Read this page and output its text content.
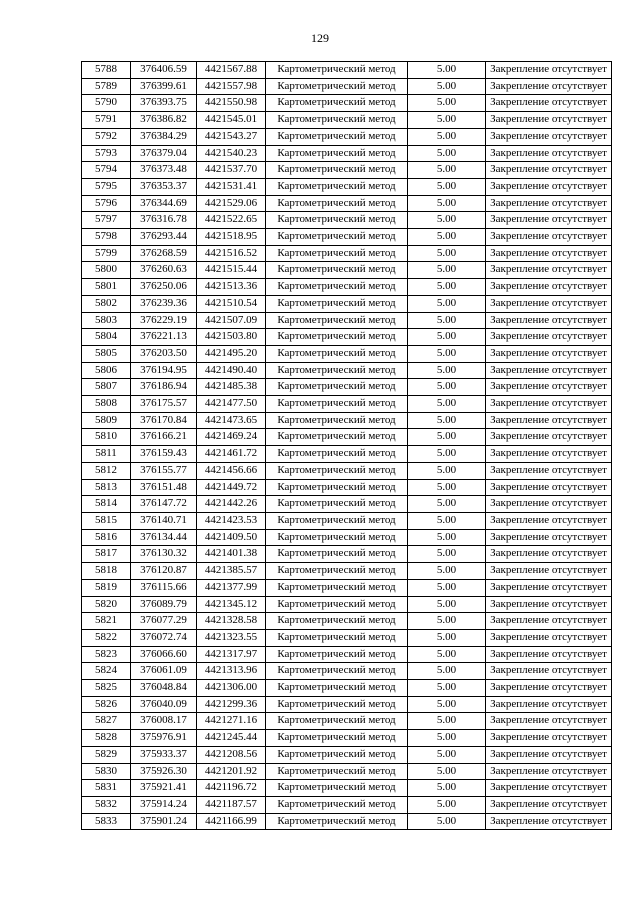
129
5788	376406.59	4421567.88	Картометрический метод	5.00	Закрепление отсутствует
5789	376399.61	4421557.98	Картометрический метод	5.00	Закрепление отсутствует
5790	376393.75	4421550.98	Картометрический метод	5.00	Закрепление отсутствует
5791	376386.82	4421545.01	Картометрический метод	5.00	Закрепление отсутствует
5792	376384.29	4421543.27	Картометрический метод	5.00	Закрепление отсутствует
5793	376379.04	4421540.23	Картометрический метод	5.00	Закрепление отсутствует
5794	376373.48	4421537.70	Картометрический метод	5.00	Закрепление отсутствует
5795	376353.37	4421531.41	Картометрический метод	5.00	Закрепление отсутствует
5796	376344.69	4421529.06	Картометрический метод	5.00	Закрепление отсутствует
5797	376316.78	4421522.65	Картометрический метод	5.00	Закрепление отсутствует
5798	376293.44	4421518.95	Картометрический метод	5.00	Закрепление отсутствует
5799	376268.59	4421516.52	Картометрический метод	5.00	Закрепление отсутствует
5800	376260.63	4421515.44	Картометрический метод	5.00	Закрепление отсутствует
5801	376250.06	4421513.36	Картометрический метод	5.00	Закрепление отсутствует
5802	376239.36	4421510.54	Картометрический метод	5.00	Закрепление отсутствует
5803	376229.19	4421507.09	Картометрический метод	5.00	Закрепление отсутствует
5804	376221.13	4421503.80	Картометрический метод	5.00	Закрепление отсутствует
5805	376203.50	4421495.20	Картометрический метод	5.00	Закрепление отсутствует
5806	376194.95	4421490.40	Картометрический метод	5.00	Закрепление отсутствует
5807	376186.94	4421485.38	Картометрический метод	5.00	Закрепление отсутствует
5808	376175.57	4421477.50	Картометрический метод	5.00	Закрепление отсутствует
5809	376170.84	4421473.65	Картометрический метод	5.00	Закрепление отсутствует
5810	376166.21	4421469.24	Картометрический метод	5.00	Закрепление отсутствует
5811	376159.43	4421461.72	Картометрический метод	5.00	Закрепление отсутствует
5812	376155.77	4421456.66	Картометрический метод	5.00	Закрепление отсутствует
5813	376151.48	4421449.72	Картометрический метод	5.00	Закрепление отсутствует
5814	376147.72	4421442.26	Картометрический метод	5.00	Закрепление отсутствует
5815	376140.71	4421423.53	Картометрический метод	5.00	Закрепление отсутствует
5816	376134.44	4421409.50	Картометрический метод	5.00	Закрепление отсутствует
5817	376130.32	4421401.38	Картометрический метод	5.00	Закрепление отсутствует
5818	376120.87	4421385.57	Картометрический метод	5.00	Закрепление отсутствует
5819	376115.66	4421377.99	Картометрический метод	5.00	Закрепление отсутствует
5820	376089.79	4421345.12	Картометрический метод	5.00	Закрепление отсутствует
5821	376077.29	4421328.58	Картометрический метод	5.00	Закрепление отсутствует
5822	376072.74	4421323.55	Картометрический метод	5.00	Закрепление отсутствует
5823	376066.60	4421317.97	Картометрический метод	5.00	Закрепление отсутствует
5824	376061.09	4421313.96	Картометрический метод	5.00	Закрепление отсутствует
5825	376048.84	4421306.00	Картометрический метод	5.00	Закрепление отсутствует
5826	376040.09	4421299.36	Картометрический метод	5.00	Закрепление отсутствует
5827	376008.17	4421271.16	Картометрический метод	5.00	Закрепление отсутствует
5828	375976.91	4421245.44	Картометрический метод	5.00	Закрепление отсутствует
5829	375933.37	4421208.56	Картометрический метод	5.00	Закрепление отсутствует
5830	375926.30	4421201.92	Картометрический метод	5.00	Закрепление отсутствует
5831	375921.41	4421196.72	Картометрический метод	5.00	Закрепление отсутствует
5832	375914.24	4421187.57	Картометрический метод	5.00	Закрепление отсутствует
5833	375901.24	4421166.99	Картометрический метод	5.00	Закрепление отсутствует
